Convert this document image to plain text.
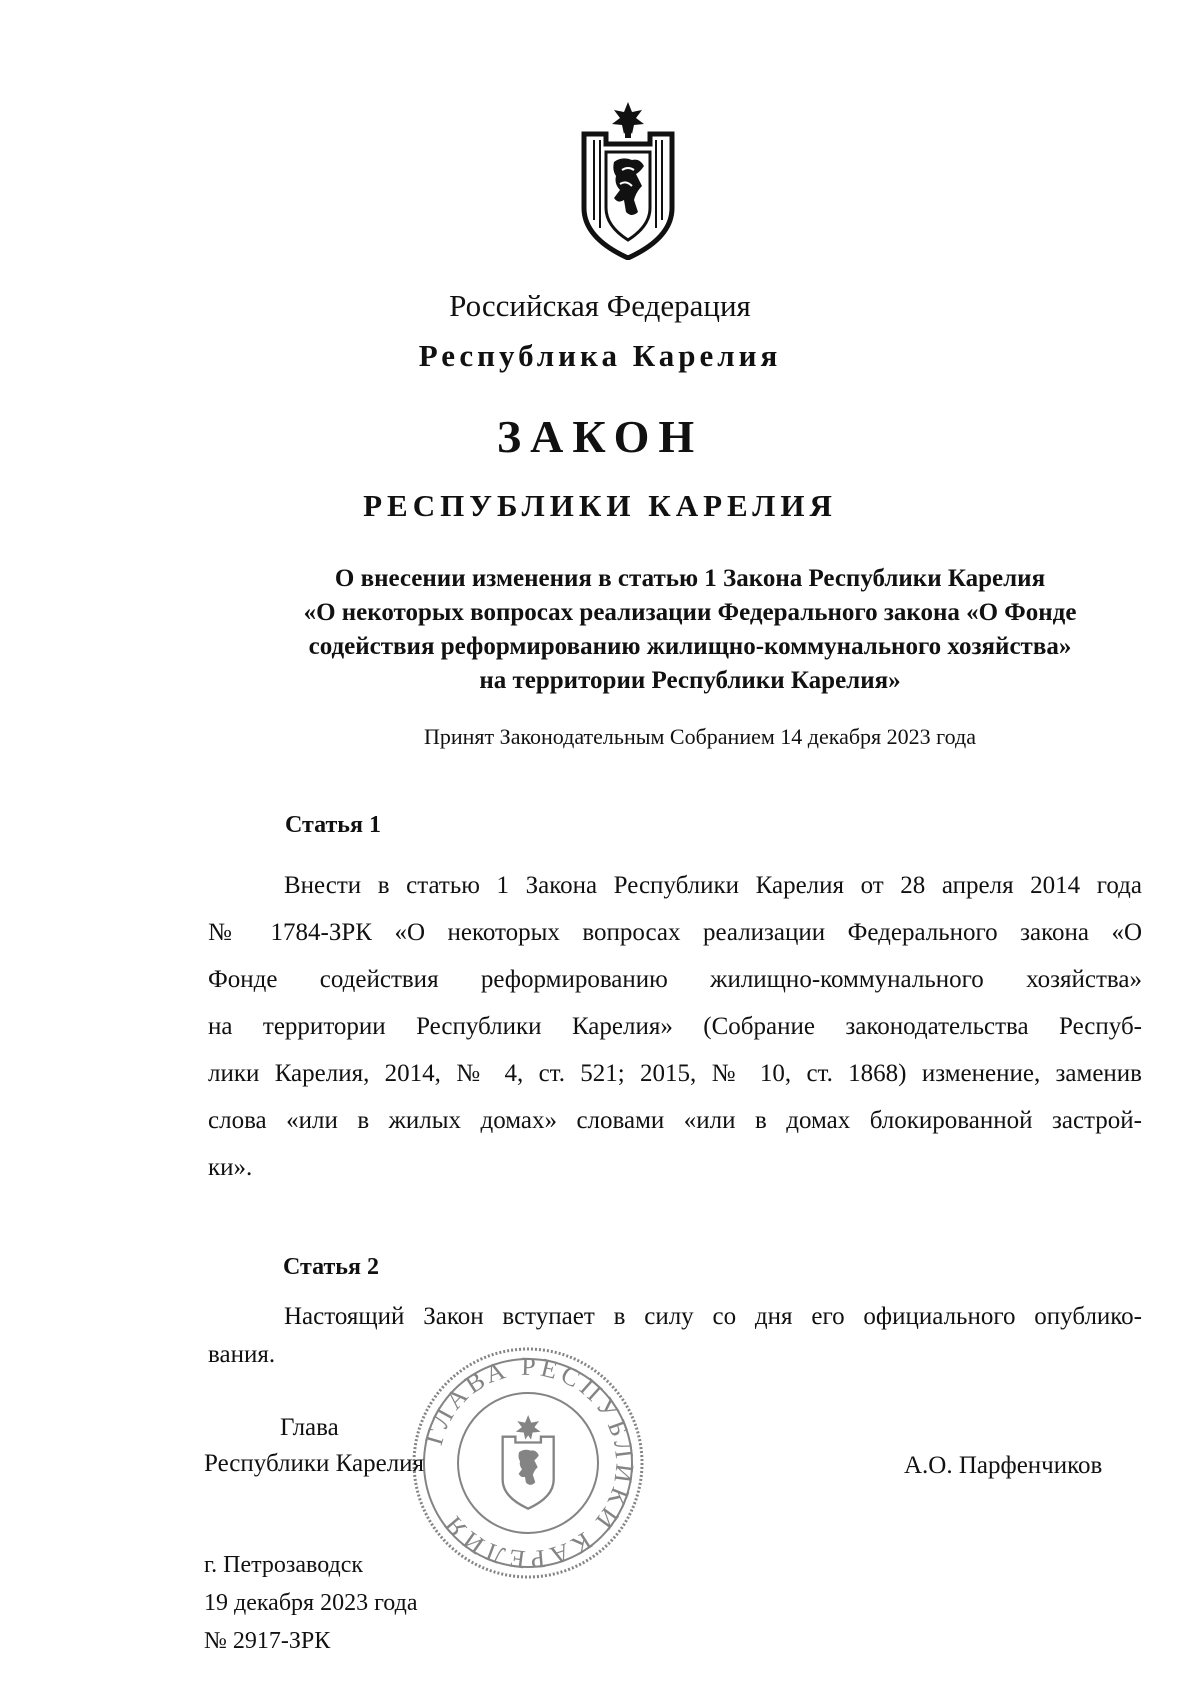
Российская Федерация
Республика Карелия
ЗАКОН
РЕСПУБЛИКИ КАРЕЛИЯ
О внесении изменения в статью 1 Закона Республики Карелия
«О некоторых вопросах реализации Федерального закона «О Фонде
содействия реформированию жилищно-коммунального хозяйства»
на территории Республики Карелия»
Принят Законодательным Собранием 14 декабря 2023 года
Статья 1
Внести в статью 1 Закона Республики Карелия от 28 апреля 2014 года
№ 1784-ЗРК «О некоторых вопросах реализации Федерального закона «О
Фонде содействия реформированию жилищно-коммунального хозяйства»
на территории Республики Карелия» (Собрание законодательства Респуб-
лики Карелия, 2014, № 4, ст. 521; 2015, № 10, ст. 1868) изменение, заменив
слова «или в жилых домах» словами «или в домах блокированной застрой-
ки».
Статья 2
Настоящий Закон вступает в силу со дня его официального опублико-
вания.
ГЛАВА РЕСПУБЛИКИ КАРЕЛИЯ
Глава
Республики Карелия	А.О. Парфенчиков
г. Петрозаводск
19 декабря 2023 года
№ 2917-ЗРК
